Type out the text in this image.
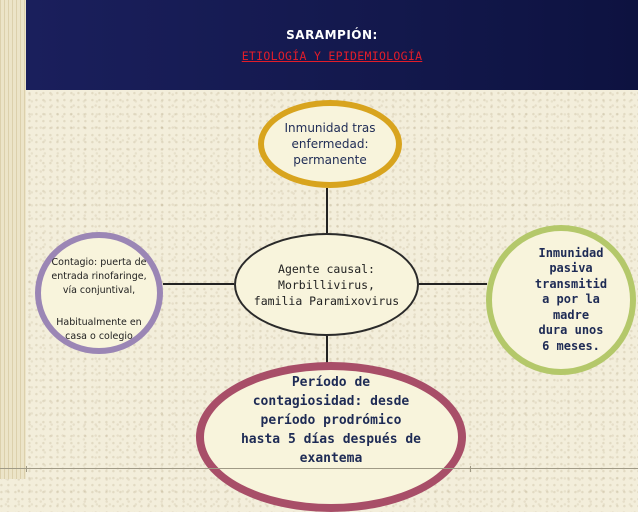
SARAMPIÓN:
ETIOLOGÍA Y EPIDEMIOLOGÍA
Inmunidad tras
enfermedad:
permanente
Agente causal:
Morbillivirus,
familia Paramixovirus

Contagio: puerta de
entrada rinofaringe,
vía conjuntival,

Habitualmente en
casa o colegio

Inmunidad
pasiva
transmitid
a por la
madre
dura unos
6 meses.
Período de
contagiosidad: desde
período prodrómico
hasta 5 días después de
exantema
